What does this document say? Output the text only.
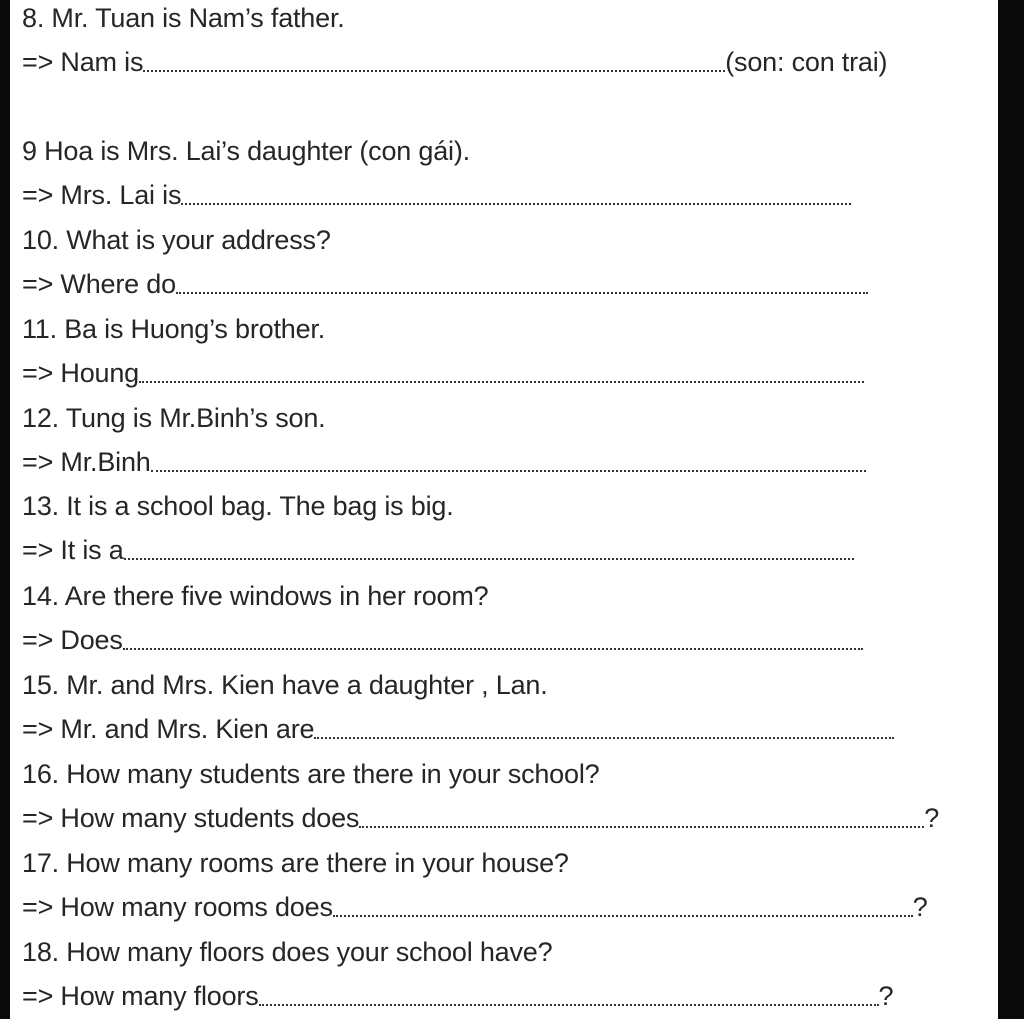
8. Mr. Tuan is Nam’s father.
=> Nam is	(son: con trai)
9 Hoa is Mrs. Lai’s daughter (con gái).
=> Mrs. Lai is
10. What is your address?
=> Where do
11. Ba is Huong’s brother.
=> Houng
12. Tung is Mr.Binh’s son.
=> Mr.Binh
13. It is a school bag. The bag is big.
=> It is a
14. Are there five windows in her room?
=> Does
15. Mr. and Mrs. Kien have a daughter , Lan.
=> Mr. and Mrs. Kien are
16. How many students are there in your school?
=> How many students does	?
17. How many rooms are there in your house?
=> How many rooms does	?
18. How many floors does your school have?
=> How many floors	?
